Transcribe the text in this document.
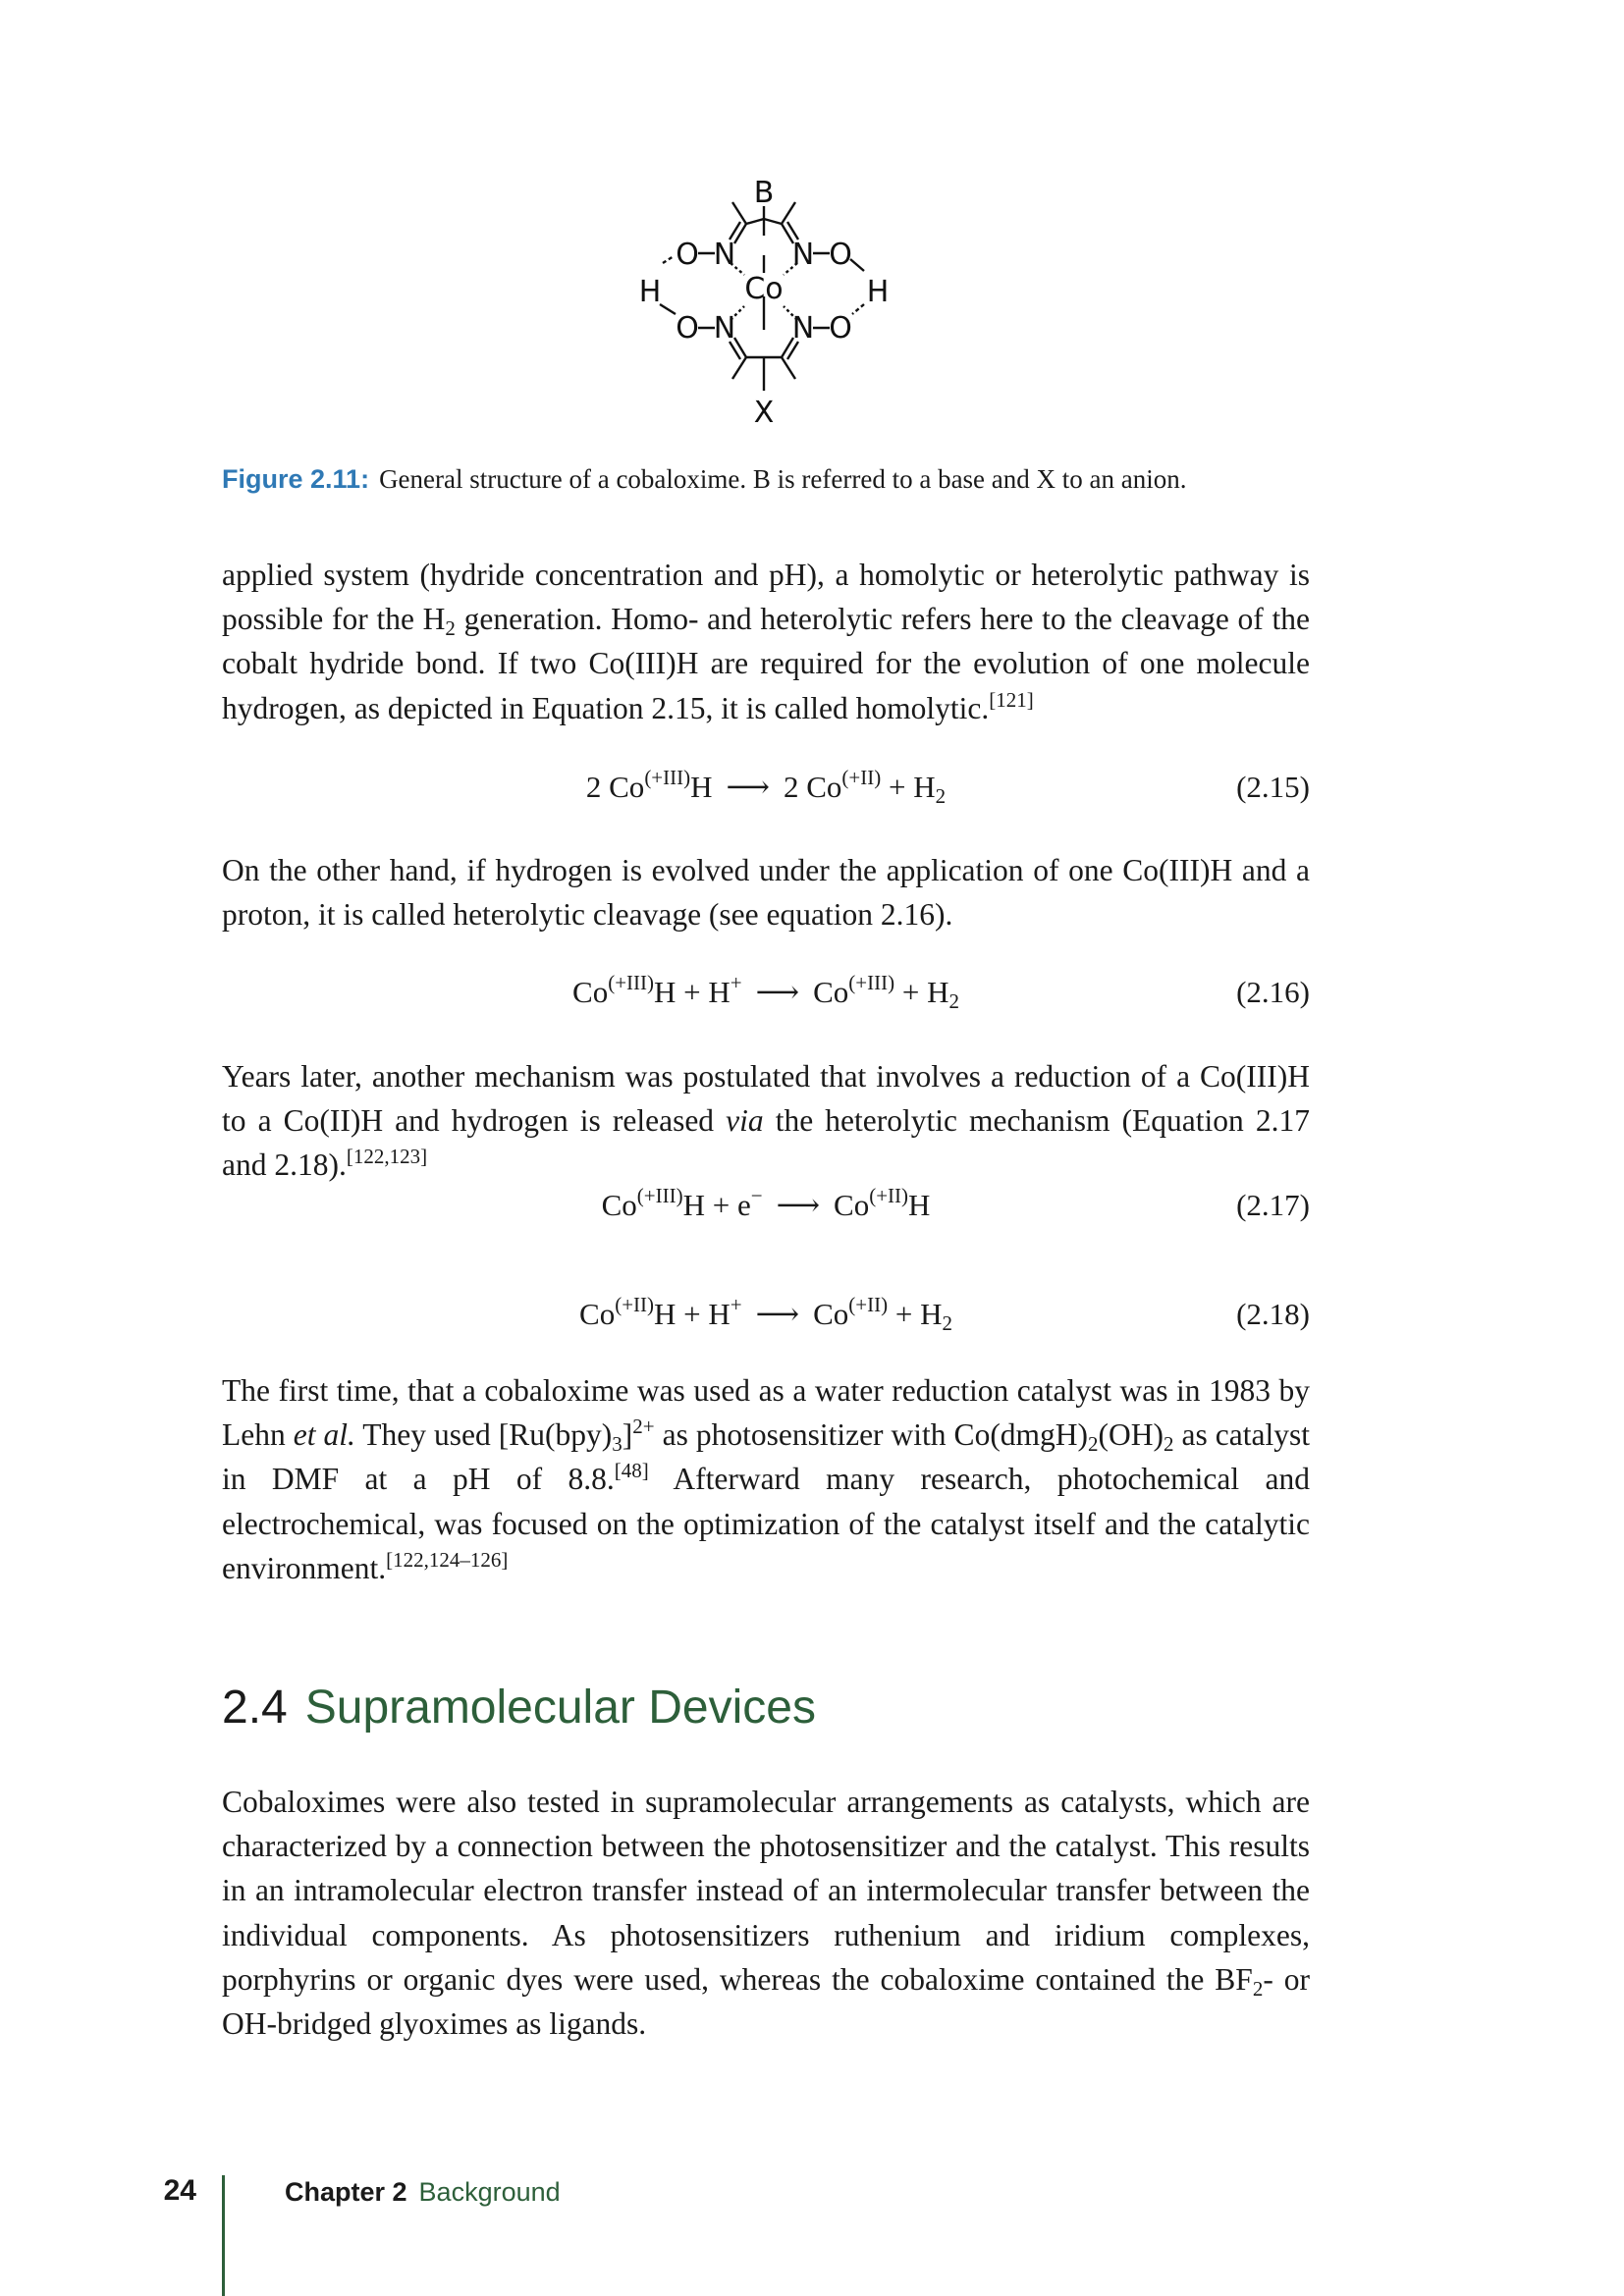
B
X
Co
O N N O
O N N O
H	H
Figure 2.11: General structure of a cobaloxime. B is referred to a base and X to an anion.

applied system (hydride concentration and pH), a homolytic or heterolytic pathway is possible for the $H_2$ generation. Homo- and heterolytic refers here to the cleavage of the cobalt hydride bond. If two Co(III)H are required for the evolution of one molecule hydrogen, as depicted in Equation 2.15, it is called homolytic.[121]

2 $Co^{(+III)}H$ ⟶ 2 $Co^{(+II)} + H_2$	(2.15)

On the other hand, if hydrogen is evolved under the application of one Co(III)H and a proton, it is called heterolytic cleavage (see equation 2.16).

$Co^{(+III)}H + H^+$ ⟶ $Co^{(+III)} + H_2$	(2.16)

Years later, another mechanism was postulated that involves a reduction of a Co(III)H to a Co(II)H and hydrogen is released via the heterolytic mechanism (Equation 2.17 and 2.18).[122,123]

$Co^{(+III)}H + e^-$ ⟶ $Co^{(+II)}H$	(2.17)
$Co^{(+II)}H + H^+$ ⟶ $Co^{(+II)} + H_2$	(2.18)

The first time, that a cobaloxime was used as a water reduction catalyst was in 1983 by Lehn et al. They used $[Ru(bpy)_3]^{2+}$ as photosensitizer with $Co(dmgH)_2(OH)_2$ as catalyst in DMF at a pH of 8.8.[48] Afterward many research, photochemical and electrochemical, was focused on the optimization of the catalyst itself and the catalytic environment.[122,124–126]

2.4 Supramolecular Devices

Cobaloximes were also tested in supramolecular arrangements as catalysts, which are characterized by a connection between the photosensitizer and the catalyst. This results in an intramolecular electron transfer instead of an intermolecular transfer between the individual components. As photosensitizers ruthenium and iridium complexes, porphyrins or organic dyes were used, whereas the cobaloxime contained the $BF_2-$ or OH-bridged glyoximes as ligands.

24	Chapter 2 Background
